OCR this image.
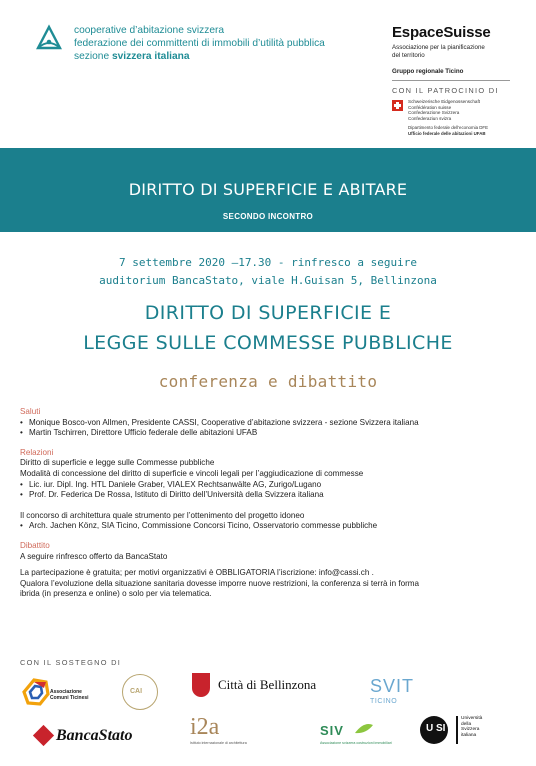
cooperative d’abitazione svizzera
federazione dei committenti di immobili d’utilità pubblica
sezione svizzera italiana
EspaceSuisse
Associazione per la pianificazione
del territorio
Gruppo regionale Ticino
CON IL PATROCINIO DI
Schweizerische Eidgenossenschaft
Confédération suisse
Confederazione Svizzera
Confederaziun svizra
Dipartimento federale dell’economia DFE
Ufficio federale delle abitazioni UFAB
DIRITTO DI SUPERFICIE E ABITARE
SECONDO INCONTRO
7 settembre 2020 –17.30 - rinfresco a seguire
auditorium BancaStato, viale H.Guisan 5, Bellinzona
DIRITTO DI SUPERFICIE E
LEGGE SULLE COMMESSE PUBBLICHE
conferenza e dibattito
Saluti
• Monique Bosco-von Allmen, Presidente CASSI, Cooperative d’abitazione svizzera - sezione Svizzera italiana
• Martin Tschirren, Direttore Ufficio federale delle abitazioni UFAB
Relazioni
Diritto di superficie e legge sulle Commesse pubbliche
Modalità di concessione del diritto di superficie e vincoli legali per l’aggiudicazione di commesse
• Lic. iur. Dipl. Ing. HTL Daniele Graber, VIALEX Rechtsanwälte AG, Zurigo/Lugano
• Prof. Dr. Federica De Rossa, Istituto di Diritto dell’Università della Svizzera italiana
Il concorso di architettura quale strumento per l’ottenimento del progetto idoneo
• Arch. Jachen Könz, SIA Ticino, Commissione Concorsi Ticino, Osservatorio commesse pubbliche
Dibattito
A seguire rinfresco offerto da BancaStato
La partecipazione è gratuita; per motivi organizzativi è OBBLIGATORIA l’iscrizione: info@cassi.ch .
Qualora l’evoluzione della situazione sanitaria dovesse imporre nuove restrizioni, la conferenza si terrà in forma
ibrida (in presenza e online) o solo per via telematica.
CON IL SOSTEGNO DI
Associazione Comuni Ticinesi
CAI	Città di Bellinzona	SVIT
TICINO
BancaStato i2a
Istituto internazionale di architettura
SIV
Associazione svizzera costruzioni immobiliari
U SI
Università
della
Svizzera
italiana
